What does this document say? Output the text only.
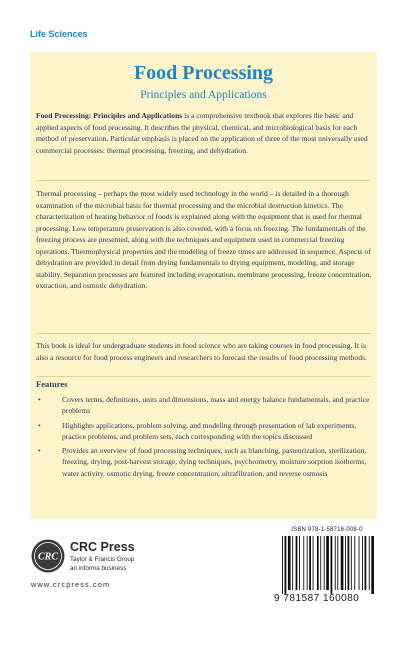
Life Sciences
Food Processing
Principles and Applications

Food Processing: Principles and Applications is a comprehensive textbook that explores the basic and applied aspects of food processing. It describes the physical, chemical, and microbiological basis for each method of preservation. Particular emphasis is placed on the application of three of the most universally used commercial processes: thermal processing, freezing, and dehydration.

Thermal processing – perhaps the most widely used technology in the world – is detailed in a thorough examination of the microbial basis for thermal processing and the microbial destruction kinetics. The characterization of heating behavior of foods is explained along with the equipment that is used for thermal processing. Low temperature preservation is also covered, with a focus on freezing. The fundamentals of the freezing process are presented, along with the techniques and equipment used in commercial freezing operations. Thermophysical properties and the modeling of freeze times are addressed in sequence. Aspects of dehydration are provided in detail from drying fundamentals to drying equipment, modeling, and storage stability. Separation processes are featured including evaporation, membrane processing, freeze concentration, extraction, and osmotic dehydration.

This book is ideal for undergraduate students in food science who are taking courses in food processing. It is also a resource for food process engineers and researchers to forecast the results of food processing methods.

Features
•	Covers terms, definitions, units and dimensions, mass and energy balance fundamentals, and practice problems
•	Highlights applications, problem solving, and modeling through presentation of lab experiments, practice problems, and problem sets, each corresponding with the topics discussed
•	Provides an overview of food processing techniques, such as blanching, pasteurization, sterilization, freezing, drying, post-harvest storage, dying techniques, psychrometry, moisture sorption isotherms, water activity, osmotic drying, freeze concentration, ultrafiltration, and reverse osmosis
CRC
CRC Press
Taylor & Francis Group
an informa business
www.crcpress.com
ISBN 978-1-58716-008-0
9 781587 160080
